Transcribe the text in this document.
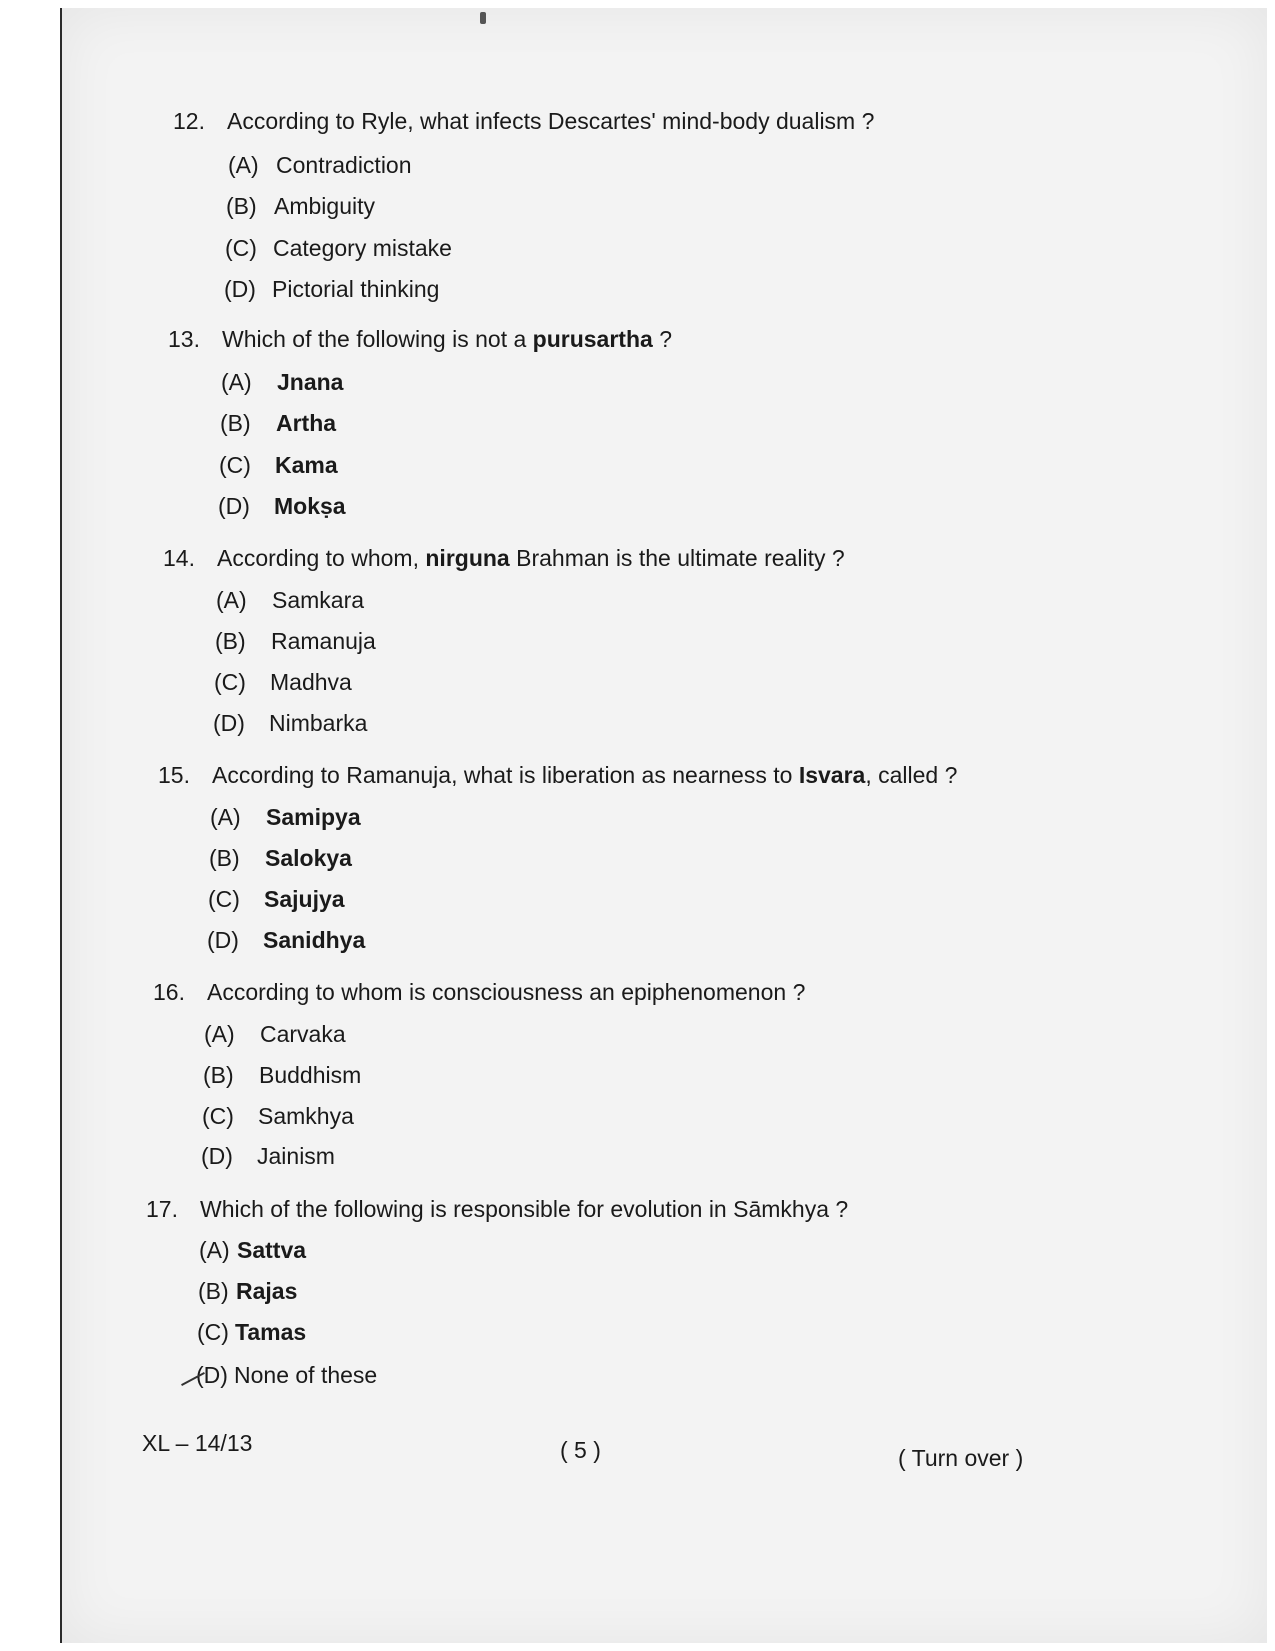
12. According to Ryle, what infects Descartes' mind-body dualism ?
(A) Contradiction
(B) Ambiguity
(C) Category mistake
(D) Pictorial thinking
13. Which of the following is not a purusartha ?
(A) Jnana
(B) Artha
(C) Kama
(D) Mokṣa
14. According to whom, nirguna Brahman is the ultimate reality ?
(A) Samkara
(B) Ramanuja
(C) Madhva
(D) Nimbarka
15. According to Ramanuja, what is liberation as nearness to Isvara, called ?
(A) Samipya
(B) Salokya
(C) Sajujya
(D) Sanidhya
16. According to whom is consciousness an epiphenomenon ?
(A) Carvaka
(B) Buddhism
(C) Samkhya
(D) Jainism
17. Which of the following is responsible for evolution in Sāmkhya ?
(A) Sattva
(B) Rajas
(C) Tamas
(D) None of these
XL – 14/13	( 5 )	( Turn over )
